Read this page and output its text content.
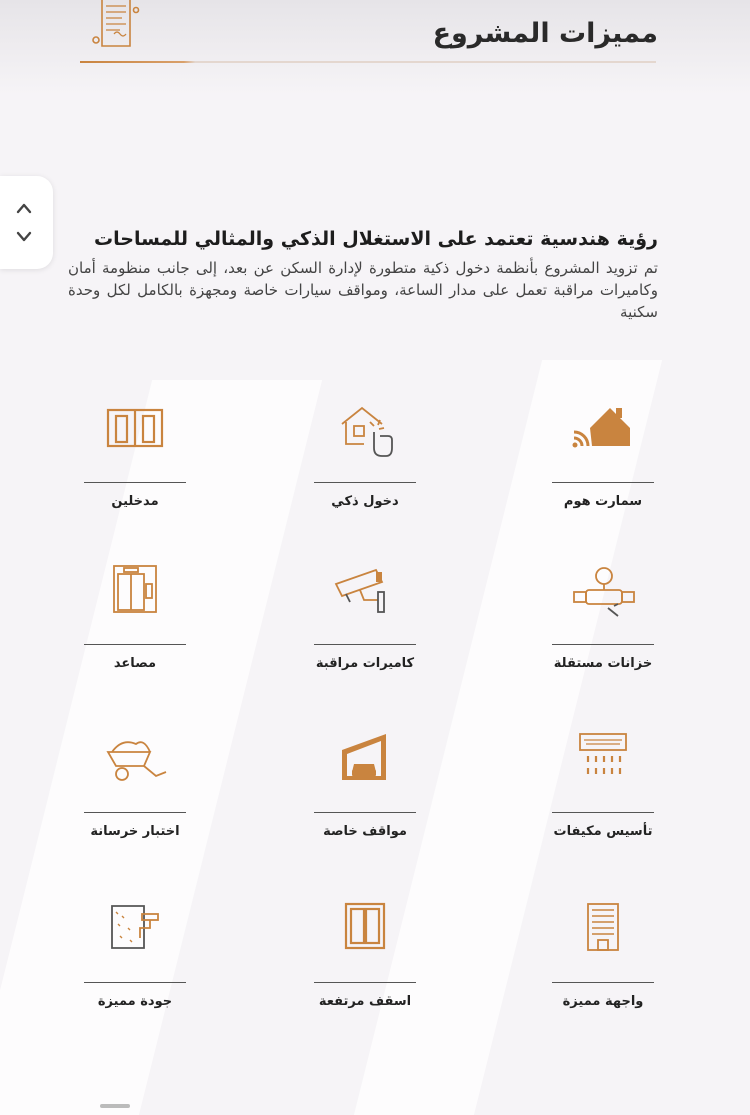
مميزات المشروع
رؤية هندسية تعتمد على الاستغلال الذكي والمثالي للمساحات
تم تزويد المشروع بأنظمة دخول ذكية متطورة لإدارة السكن عن بعد، إلى جانب منظومة أمان وكاميرات مراقبة تعمل على مدار الساعة، ومواقف سيارات خاصة ومجهزة بالكامل لكل وحدة سكنية
سمارت هوم
دخول ذكي
مدخلين
خزانات مستقلة
كاميرات مراقبة
مصاعد
تأسيس مكيفات
مواقف خاصة
اختبار خرسانة
واجهة مميزة
اسقف مرتفعة
جودة مميزة
